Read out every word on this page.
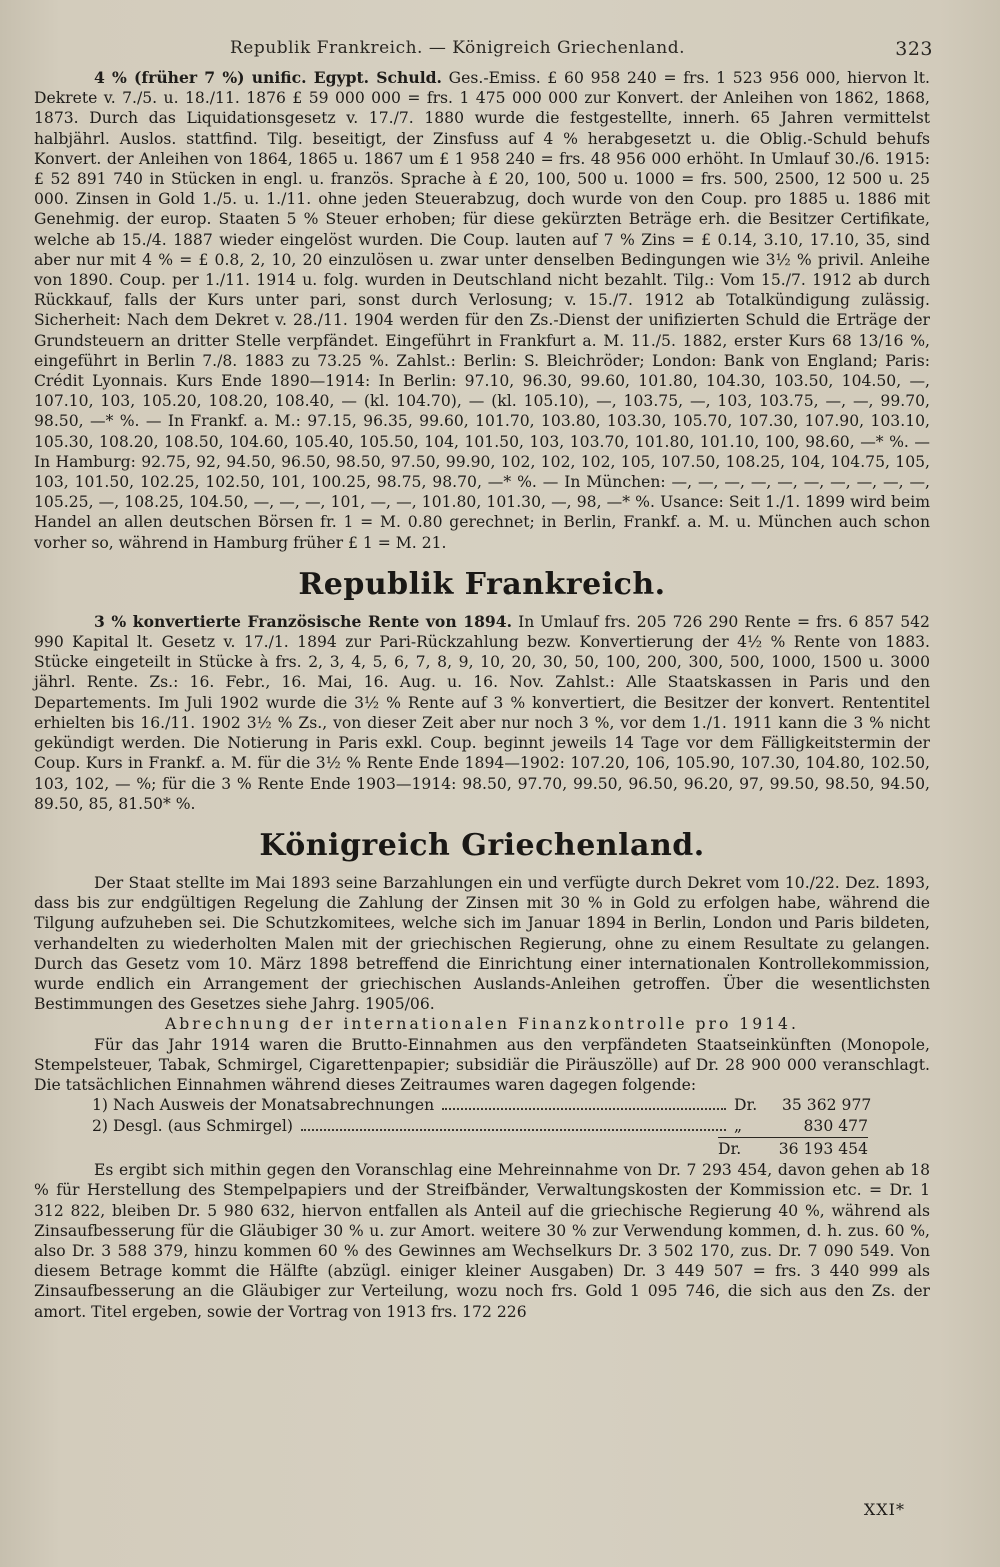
Republik Frankreich. — Königreich Griechenland.	323

4 % (früher 7 %) unific. Egypt. Schuld. Ges.-Emiss. £ 60 958 240 = frs. 1 523 956 000, hiervon lt. Dekrete v. 7./5. u. 18./11. 1876 £ 59 000 000 = frs. 1 475 000 000 zur Konvert. der Anleihen von 1862, 1868, 1873. Durch das Liquidationsgesetz v. 17./7. 1880 wurde die festgestellte, innerh. 65 Jahren vermittelst halbjährl. Auslos. stattfind. Tilg. beseitigt, der Zinsfuss auf 4 % herabgesetzt u. die Oblig.-Schuld behufs Konvert. der Anleihen von 1864, 1865 u. 1867 um £ 1 958 240 = frs. 48 956 000 erhöht. In Umlauf 30./6. 1915: £ 52 891 740 in Stücken in engl. u. französ. Sprache à £ 20, 100, 500 u. 1000 = frs. 500, 2500, 12 500 u. 25 000. Zinsen in Gold 1./5. u. 1./11. ohne jeden Steuerabzug, doch wurde von den Coup. pro 1885 u. 1886 mit Genehmig. der europ. Staaten 5 % Steuer erhoben; für diese gekürzten Beträge erh. die Besitzer Certifikate, welche ab 15./4. 1887 wieder eingelöst wurden. Die Coup. lauten auf 7 % Zins = £ 0.14, 3.10, 17.10, 35, sind aber nur mit 4 % = £ 0.8, 2, 10, 20 einzulösen u. zwar unter denselben Bedingungen wie 3½ % privil. Anleihe von 1890. Coup. per 1./11. 1914 u. folg. wurden in Deutschland nicht bezahlt. Tilg.: Vom 15./7. 1912 ab durch Rückkauf, falls der Kurs unter pari, sonst durch Verlosung; v. 15./7. 1912 ab Totalkündigung zulässig. Sicherheit: Nach dem Dekret v. 28./11. 1904 werden für den Zs.-Dienst der unifizierten Schuld die Erträge der Grundsteuern an dritter Stelle verpfändet. Eingeführt in Frankfurt a. M. 11./5. 1882, erster Kurs 68 13/16 %, eingeführt in Berlin 7./8. 1883 zu 73.25 %. Zahlst.: Berlin: S. Bleichröder; London: Bank von England; Paris: Crédit Lyonnais. Kurs Ende 1890—1914: In Berlin: 97.10, 96.30, 99.60, 101.80, 104.30, 103.50, 104.50, —, 107.10, 103, 105.20, 108.20, 108.40, — (kl. 104.70), — (kl. 105.10), —, 103.75, —, 103, 103.75, —, —, 99.70, 98.50, —* %. — In Frankf. a. M.: 97.15, 96.35, 99.60, 101.70, 103.80, 103.30, 105.70, 107.30, 107.90, 103.10, 105.30, 108.20, 108.50, 104.60, 105.40, 105.50, 104, 101.50, 103, 103.70, 101.80, 101.10, 100, 98.60, —* %. — In Hamburg: 92.75, 92, 94.50, 96.50, 98.50, 97.50, 99.90, 102, 102, 102, 105, 107.50, 108.25, 104, 104.75, 105, 103, 101.50, 102.25, 102.50, 101, 100.25, 98.75, 98.70, —* %. — In München: —, —, —, —, —, —, —, —, —, —, 105.25, —, 108.25, 104.50, —, —, —, 101, —, —, 101.80, 101.30, —, 98, —* %. Usance: Seit 1./1. 1899 wird beim Handel an allen deutschen Börsen fr. 1 = M. 0.80 gerechnet; in Berlin, Frankf. a. M. u. München auch schon vorher so, während in Hamburg früher £ 1 = M. 21.

Republik Frankreich.

3 % konvertierte Französische Rente von 1894. In Umlauf frs. 205 726 290 Rente = frs. 6 857 542 990 Kapital lt. Gesetz v. 17./1. 1894 zur Pari-Rückzahlung bezw. Konvertierung der 4½ % Rente von 1883. Stücke eingeteilt in Stücke à frs. 2, 3, 4, 5, 6, 7, 8, 9, 10, 20, 30, 50, 100, 200, 300, 500, 1000, 1500 u. 3000 jährl. Rente. Zs.: 16. Febr., 16. Mai, 16. Aug. u. 16. Nov. Zahlst.: Alle Staatskassen in Paris und den Departements. Im Juli 1902 wurde die 3½ % Rente auf 3 % konvertiert, die Besitzer der konvert. Rententitel erhielten bis 16./11. 1902 3½ % Zs., von dieser Zeit aber nur noch 3 %, vor dem 1./1. 1911 kann die 3 % nicht gekündigt werden. Die Notierung in Paris exkl. Coup. beginnt jeweils 14 Tage vor dem Fälligkeitstermin der Coup. Kurs in Frankf. a. M. für die 3½ % Rente Ende 1894—1902: 107.20, 106, 105.90, 107.30, 104.80, 102.50, 103, 102, — %; für die 3 % Rente Ende 1903—1914: 98.50, 97.70, 99.50, 96.50, 96.20, 97, 99.50, 98.50, 94.50, 89.50, 85, 81.50* %.

Königreich Griechenland.

Der Staat stellte im Mai 1893 seine Barzahlungen ein und verfügte durch Dekret vom 10./22. Dez. 1893, dass bis zur endgültigen Regelung die Zahlung der Zinsen mit 30 % in Gold zu erfolgen habe, während die Tilgung aufzuheben sei. Die Schutzkomitees, welche sich im Januar 1894 in Berlin, London und Paris bildeten, verhandelten zu wiederholten Malen mit der griechischen Regierung, ohne zu einem Resultate zu gelangen. Durch das Gesetz vom 10. März 1898 betreffend die Einrichtung einer internationalen Kontrollekommission, wurde endlich ein Arrangement der griechischen Auslands-Anleihen getroffen. Über die wesentlichsten Bestimmungen des Gesetzes siehe Jahrg. 1905/06.

Abrechnung der internationalen Finanzkontrolle pro 1914.

Für das Jahr 1914 waren die Brutto-Einnahmen aus den verpfändeten Staatseinkünften (Monopole, Stempelsteuer, Tabak, Schmirgel, Cigarettenpapier; subsidiär die Piräuszölle) auf Dr. 28 900 000 veranschlagt. Die tatsächlichen Einnahmen während dieses Zeitraumes waren dagegen folgende:

1) Nach Ausweis der Monatsabrechnungen	Dr.	35 362 977
2) Desgl. (aus Schmirgel)	„	830 477
Dr. 36 193 454

Es ergibt sich mithin gegen den Voranschlag eine Mehreinnahme von Dr. 7 293 454, davon gehen ab 18 % für Herstellung des Stempelpapiers und der Streifbänder, Verwaltungskosten der Kommission etc. = Dr. 1 312 822, bleiben Dr. 5 980 632, hiervon entfallen als Anteil auf die griechische Regierung 40 %, während als Zinsaufbesserung für die Gläubiger 30 % u. zur Amort. weitere 30 % zur Verwendung kommen, d. h. zus. 60 %, also Dr. 3 588 379, hinzu kommen 60 % des Gewinnes am Wechselkurs Dr. 3 502 170, zus. Dr. 7 090 549. Von diesem Betrage kommt die Hälfte (abzügl. einiger kleiner Ausgaben) Dr. 3 449 507 = frs. 3 440 999 als Zinsaufbesserung an die Gläubiger zur Verteilung, wozu noch frs. Gold 1 095 746, die sich aus den Zs. der amort. Titel ergeben, sowie der Vortrag von 1913 frs. 172 226

XXI*
